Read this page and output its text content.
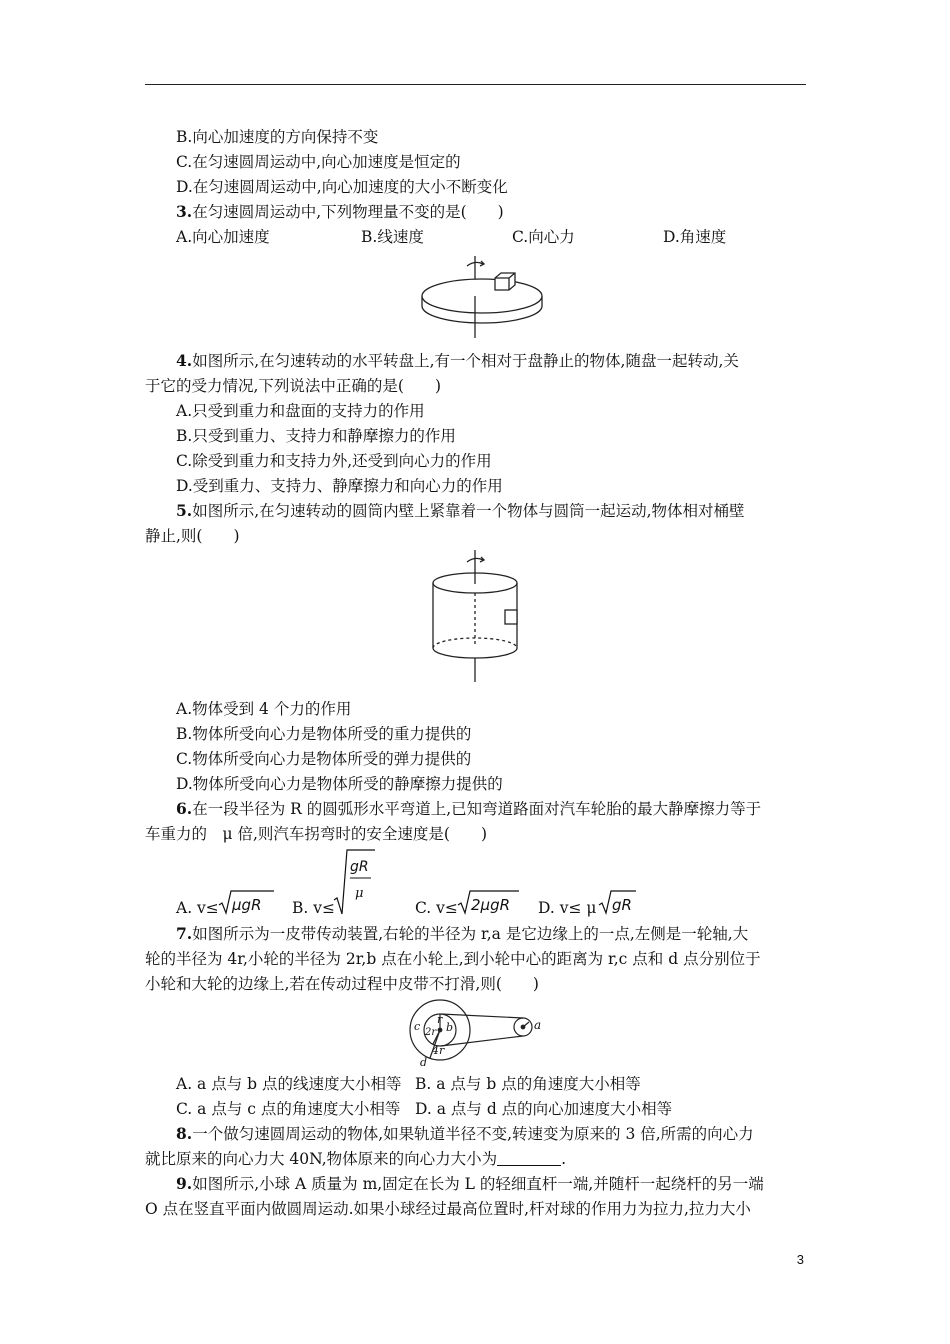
B.向心加速度的方向保持不变
C.在匀速圆周运动中,向心加速度是恒定的
D.在匀速圆周运动中,向心加速度的大小不断变化
3.在匀速圆周运动中,下列物理量不变的是(　　)
A.向心加速度	B.线速度	C.向心力	D.角速度
4.如图所示,在匀速转动的水平转盘上,有一个相对于盘静止的物体,随盘一起转动,关
于它的受力情况,下列说法中正确的是(　　)
A.只受到重力和盘面的支持力的作用
B.只受到重力、支持力和静摩擦力的作用
C.除受到重力和支持力外,还受到向心力的作用
D.受到重力、支持力、静摩擦力和向心力的作用
5.如图所示,在匀速转动的圆筒内壁上紧靠着一个物体与圆筒一起运动,物体相对桶壁
静止,则(　　)
A.物体受到 4 个力的作用
B.物体所受向心力是物体所受的重力提供的
C.物体所受向心力是物体所受的弹力提供的
D.物体所受向心力是物体所受的静摩擦力提供的
6.在一段半径为 R 的圆弧形水平弯道上,已知弯道路面对汽车轮胎的最大静摩擦力等于
车重力的　μ 倍,则汽车拐弯时的安全速度是(　　)
A. v≤ μgR B. v≤
gR
μ
C. v≤ 2μgR D. v≤ μ gR
7.如图所示为一皮带传动装置,右轮的半径为 r,a 是它边缘上的一点,左侧是一轮轴,大
轮的半径为 4r,小轮的半径为 2r,b 点在小轮上,到小轮中心的距离为 r,c 点和 d 点分别位于
小轮和大轮的边缘上,若在传动过程中皮带不打滑,则(　　)
c
r
b
2r
4r
d
a
A. a 点与 b 点的线速度大小相等 B. a 点与 b 点的角速度大小相等
C. a 点与 c 点的角速度大小相等 D. a 点与 d 点的向心加速度大小相等
8.一个做匀速圆周运动的物体,如果轨道半径不变,转速变为原来的 3 倍,所需的向心力
就比原来的向心力大 40N,物体原来的向心力大小为	.
9.如图所示,小球 A 质量为 m,固定在长为 L 的轻细直杆一端,并随杆一起绕杆的另一端
O 点在竖直平面内做圆周运动.如果小球经过最高位置时,杆对球的作用力为拉力,拉力大小
3
